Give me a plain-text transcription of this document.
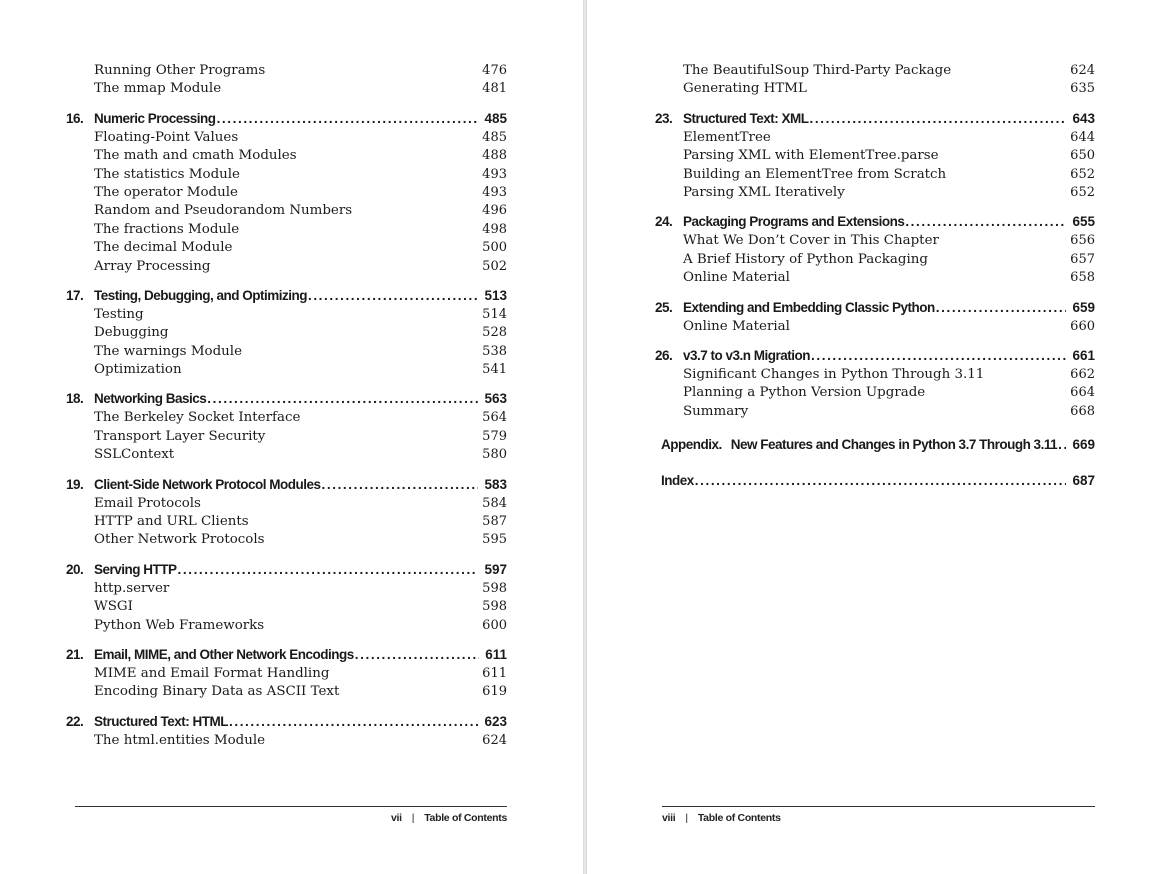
Running Other Programs	476
The mmap Module	481
16. Numeric Processing .....	485
Floating-Point Values	485
The math and cmath Modules	488
The statistics Module	493
The operator Module	493
Random and Pseudorandom Numbers	496
The fractions Module	498
The decimal Module	500
Array Processing	502
17. Testing, Debugging, and Optimizing .....	513
Testing	514
Debugging	528
The warnings Module	538
Optimization	541
18. Networking Basics .....	563
The Berkeley Socket Interface	564
Transport Layer Security	579
SSLContext	580
19. Client-Side Network Protocol Modules .....	583
Email Protocols	584
HTTP and URL Clients	587
Other Network Protocols	595
20. Serving HTTP .....	597
http.server	598
WSGI	598
Python Web Frameworks	600
21. Email, MIME, and Other Network Encodings .....	611
MIME and Email Format Handling	611
Encoding Binary Data as ASCII Text	619
22. Structured Text: HTML .....	623
The html.entities Module	624
vii | Table of Contents
The BeautifulSoup Third-Party Package	624
Generating HTML	635
23. Structured Text: XML .....	643
ElementTree	644
Parsing XML with ElementTree.parse	650
Building an ElementTree from Scratch	652
Parsing XML Iteratively	652
24. Packaging Programs and Extensions .....	655
What We Don’t Cover in This Chapter	656
A Brief History of Python Packaging	657
Online Material	658
25. Extending and Embedding Classic Python .....	659
Online Material	660
26. v3.7 to v3.n Migration .....	661
Significant Changes in Python Through 3.11	662
Planning a Python Version Upgrade	664
Summary	668
Appendix. New Features and Changes in Python 3.7 Through 3.11 ..... 669
Index .....	687
viii | Table of Contents
